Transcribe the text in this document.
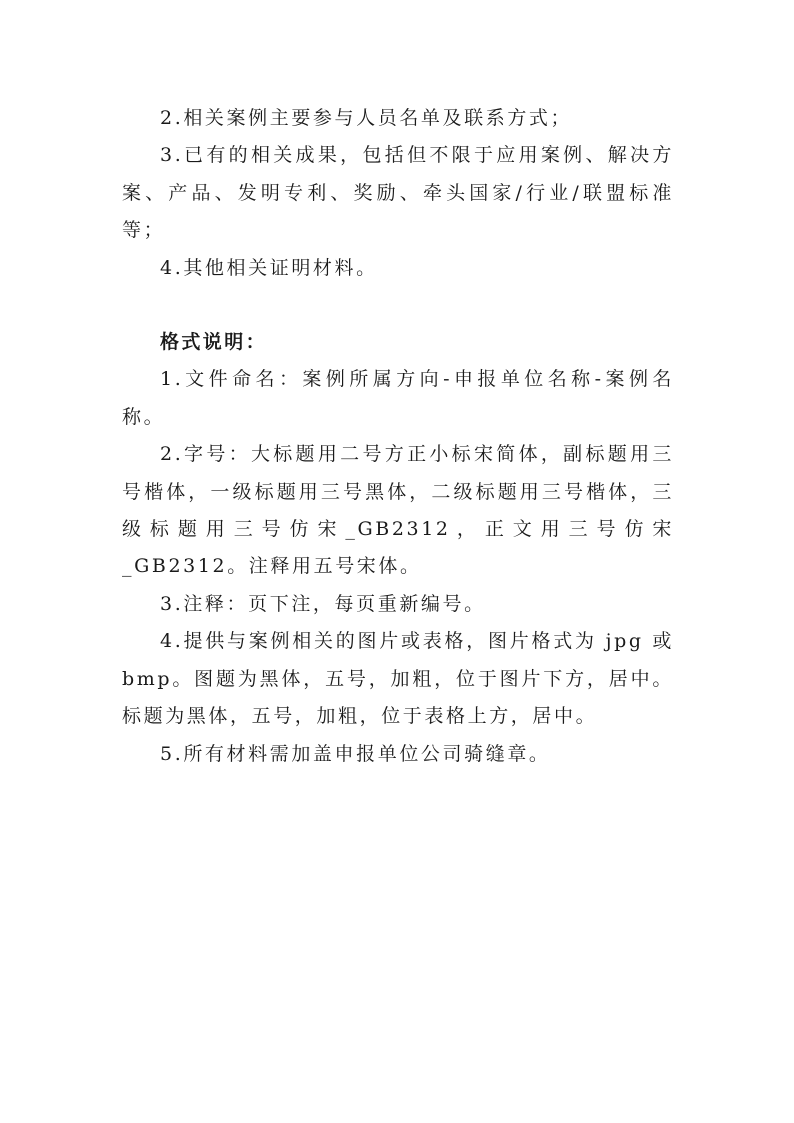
2.相关案例主要参与人员名单及联系方式；

3.已有的相关成果，包括但不限于应用案例、解决方案、产品、发明专利、奖励、牵头国家/行业/联盟标准等；

4.其他相关证明材料。

格式说明：

1.文件命名：案例所属方向-申报单位名称-案例名称。

2.字号：大标题用二号方正小标宋简体，副标题用三号楷体，一级标题用三号黑体，二级标题用三号楷体，三级标题用三号仿宋_GB2312，正文用三号仿宋_GB2312。注释用五号宋体。

3.注释：页下注，每页重新编号。

4.提供与案例相关的图片或表格，图片格式为 jpg 或 bmp。图题为黑体，五号，加粗，位于图片下方，居中。标题为黑体，五号，加粗，位于表格上方，居中。

5.所有材料需加盖申报单位公司骑缝章。
